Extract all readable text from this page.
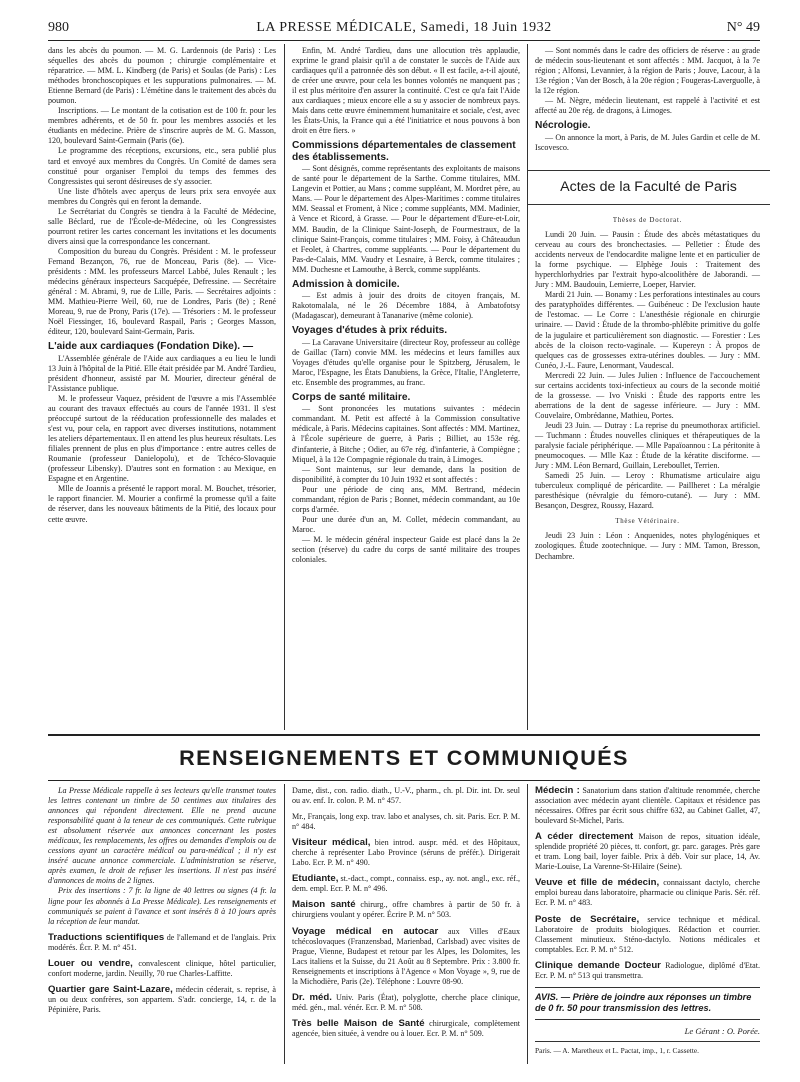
980	LA PRESSE MÉDICALE, Samedi, 18 Juin 1932	N° 49

dans les abcès du poumon. — M. G. Lardennois (de Paris) : Les séquelles des abcès du poumon ; chirurgie complémentaire et réparatrice. — MM. L. Kindberg (de Paris) et Soulas (de Paris) : Les méthodes bronchoscopiques et les suppurations pulmonaires. — M. Etienne Bernard (de Paris) : L'émétine dans le traitement des abcès du poumon.

Inscriptions. — Le montant de la cotisation est de 100 fr. pour les membres adhérents, et de 50 fr. pour les membres associés et les étudiants en médecine. Prière de s'inscrire auprès de M. G. Masson, 120, boulevard Saint-Germain (Paris (6e).

Le programme des réceptions, excursions, etc., sera publié plus tard et envoyé aux membres du Congrès. Un Comité de dames sera constitué pour organiser l'emploi du temps des femmes des Congressistes qui seront désireuses de s'y associer.

Une liste d'hôtels avec aperçus de leurs prix sera envoyée aux membres du Congrès qui en feront la demande.

Le Secrétariat du Congrès se tiendra à la Faculté de Médecine, salle Béclard, rue de l'École-de-Médecine, où les Congressistes pourront retirer les cartes concernant les invitations et les documents divers ainsi que la correspondance les concernant.

Composition du bureau du Congrès. Président : M. le professeur Fernand Bezançon, 76, rue de Monceau, Paris (8e). — Vice-présidents : MM. les professeurs Marcel Labbé, Jules Renault ; les médecins généraux inspecteurs Sacquépée, Defressine. — Secrétaire général : M. Abrami, 9, rue de Lille, Paris. — Secrétaires adjoints : MM. Mathieu-Pierre Weil, 60, rue de Londres, Paris (8e) ; René Moreau, 9, rue de Prony, Paris (17e). — Trésoriers : M. le professeur Noël Fiessinger, 16, boulevard Raspail, Paris ; Georges Masson, éditeur, 120, boulevard Saint-Germain, Paris.

L'aide aux cardiaques (Fondation Dike). —

L'Assemblée générale de l'Aide aux cardiaques a eu lieu le lundi 13 Juin à l'hôpital de la Pitié. Elle était présidée par M. André Tardieu, président d'honneur, assisté par M. Mourier, directeur général de l'Assistance publique.

M. le professeur Vaquez, président de l'œuvre a mis l'Assemblée au courant des travaux effectués au cours de l'année 1931. Il s'est préoccupé surtout de la rééducation professionnelle des malades et s'est vu, pour cela, en rapport avec diverses institutions, notamment les ateliers départementaux. Il en attend les plus heureux résultats. Les filiales prennent de plus en plus d'importance : entre autres celles de Roumanie (professeur Danielopolu), et de Tchéco-Slovaquie (professeur Libensky). D'autres sont en formation : au Mexique, en Espagne et en Argentine.

Mlle de Joannis a présenté le rapport moral. M. Bouchet, trésorier, le rapport financier. M. Mourier a confirmé la promesse qu'il a faite de réserver, dans les nouveaux bâtiments de la Pitié, des locaux pour cette œuvre.

Enfin, M. André Tardieu, dans une allocution très applaudie, exprime le grand plaisir qu'il a de constater le succès de l'Aide aux cardiaques qu'il a patronnée dès son début. « Il est facile, a-t-il ajouté, de créer une œuvre, pour cela les bonnes volontés ne manquent pas ; il est plus méritoire d'en assurer la continuité. C'est ce qu'a fait l'Aide aux cardiaques ; mieux encore elle a su y associer de nombreux pays. Mais dans cette œuvre éminemment humanitaire et sociale, c'est, avec les États-Unis, la France qui a été l'initiatrice et nous pouvons à bon droit en être fiers. »

Commissions départementales de classement des établissements.

— Sont désignés, comme représentants des exploitants de maisons de santé pour le département de la Sarthe. Comme titulaires, MM. Langevin et Pottier, au Mans ; comme suppléant, M. Mordret père, au Mans. — Pour le département des Alpes-Maritimes : comme titulaires MM. Seassal et Froment, à Nice ; comme suppléants, MM. Madinier, à Vence et Ricord, à Grasse. — Pour le département d'Eure-et-Loir, MM. Baudin, de la Clinique Saint-Joseph, de Fourmestraux, de la clinique Saint-François, comme titulaires ; MM. Foisy, à Châteaudun et Feolet, à Chartres, comme suppléants. — Pour le département du Pas-de-Calais, MM. Vaudry et Lesnaire, à Berck, comme titulaires ; MM. Duchesne et Lamouthe, à Berck, comme suppléants.

Admission à domicile.

— Est admis à jouir des droits de citoyen français, M. Rakotomalala, né le 26 Décembre 1884, à Ambatofotsy (Madagascar), demeurant à Tananarive (même colonie).

Voyages d'études à prix réduits.

— La Caravane Universitaire (directeur Roy, professeur au collège de Gaillac (Tarn) convie MM. les médecins et leurs familles aux Voyages d'études qu'elle organise pour le Spitzberg, Jérusalem, le Maroc, l'Espagne, les États Danubiens, la Grèce, l'Italie, l'Angleterre, etc. Ensemble des programmes, au franc.

Corps de santé militaire.

— Sont prononcées les mutations suivantes : médecin commandant. M. Petit est affecté à la Commission consultative médicale, à Paris. Médecins capitaines. Sont affectés : MM. Martinez, à l'École supérieure de guerre, à Paris ; Billiet, au 153e rég. d'infanterie, à Bitche ; Odier, au 67e rég. d'infanterie, à Compiègne ; Miquel, à la 12e Compagnie régionale du train, à Limoges.

— Sont maintenus, sur leur demande, dans la position de disponibilité, à compter du 10 Juin 1932 et sont affectés :

Pour une période de cinq ans, MM. Bertrand, médecin commandant, région de Paris ; Bonnet, médecin commandant, au 10e corps d'armée.

Pour une durée d'un an, M. Collet, médecin commandant, au Maroc.

— M. le médecin général inspecteur Gaide est placé dans la 2e section (réserve) du cadre du corps de santé militaire des troupes coloniales.

— Sont nommés dans le cadre des officiers de réserve : au grade de médecin sous-lieutenant et sont affectés : MM. Jacquot, à la 7e région ; Alfonsi, Levannier, à la région de Paris ; Jouve, Lacour, à la 13e région ; Van der Bosch, à la 20e région ; Fougeras-Laverguolle, à la 12e région.

— M. Nègre, médecin lieutenant, est rappelé à l'activité et est affecté au 20e rég. de dragons, à Limoges.

Nécrologie.

— On annonce la mort, à Paris, de M. Jules Gardin et celle de M. Iscovesco.

Actes de la Faculté de Paris
Thèses de Doctorat.

Lundi 20 Juin. — Pausin : Étude des abcès métastatiques du cerveau au cours des bronchectasies. — Pelletier : Étude des accidents nerveux de l'endocardite maligne lente et en particulier de la forme psychique. — Elphège Jouis : Traitement des hyperchlorhydries par l'extrait hypo-alcoolithère de Jaborandi. — Jury : MM. Baudouin, Lemierre, Loeper, Harvier.

Mardi 21 Juin. — Bonamy : Les perforations intestinales au cours des paratyphoïdes différentes. — Guibéneuc : De l'exclusion haute de l'estomac. — Le Corre : L'anesthésie régionale en chirurgie urinaire. — David : Étude de la thrombo-phlébite primitive du golfe de la jugulaire et particulièrement son diagnostic. — Forestier : Les abcès de la cloison recto-vaginale. — Kupereyn : À propos de quelques cas de grossesses extra-utérines doubles. — Jury : MM. Cunéo, J.-L. Faure, Lenormant, Vaudescal.

Mercredi 22 Juin. — Jules Julien : Influence de l'accouchement sur certains accidents toxi-infectieux au cours de la seconde moitié de la grossesse. — Ivo Vniski : Étude des rapports entre les aberrations de la dent de sagesse inférieure. — Jury : MM. Couvelaire, Ombrédanne, Mathieu, Portes.

Jeudi 23 Juin. — Dutray : La reprise du pneumothorax artificiel. — Tuchmann : Études nouvelles cliniques et thérapeutiques de la paralysie faciale périphérique. — Mlle Papaïoannou : La péritonite à pneumocoques. — Mlle Kaz : Étude de la kératite disciforme. — Jury : MM. Léon Bernard, Guillain, Lereboullet, Terrien.

Samedi 25 Juin. — Leroy : Rhumatisme articulaire aigu tuberculeux compliqué de péricardite. — Paillheret : La méralgie paresthésique (névralgie du fémoro-cutané). — Jury : MM. Besançon, Desgrez, Roussy, Hazard.

Thèse Vétérinaire.

Jeudi 23 Juin : Léon : Anquenides, notes phylogéniques et zoologiques. Étude zootechnique. — Jury : MM. Tamon, Bresson, Dechambre.

RENSEIGNEMENTS ET COMMUNIQUÉS

La Presse Médicale rappelle à ses lecteurs qu'elle transmet toutes les lettres contenant un timbre de 50 centimes aux titulaires des annonces qui répondent directement. Elle ne prend aucune responsabilité quant à la teneur de ces communiqués. Cette rubrique est absolument réservée aux annonces concernant les postes médicaux, les remplacements, les offres ou demandes d'emplois ou de cessions ayant un caractère médical ou para-médical ; il n'y est inséré aucune annonce commerciale. L'administration se réserve, après examen, le droit de refuser les insertions. Il n'est pas inséré d'annonces de moins de 2 lignes.

Prix des insertions : 7 fr. la ligne de 40 lettres ou signes (4 fr. la ligne pour les abonnés à La Presse Médicale). Les renseignements et communiqués se paient à l'avance et sont insérés 8 à 10 jours après la réception de leur mandat.

Traductions scientifiques de l'allemand et de l'anglais. Prix modérés. Écr. P. M. n° 451.

Louer ou vendre, convalescent clinique, hôtel particulier, confort moderne, jardin. Neuilly, 70 rue Charles-Laffitte.

Quartier gare Saint-Lazare, médecin céderait, s. reprise, à un ou deux confrères, son appartem. S'adr. concierge, 14, r. de la Pépinière, Paris.

Dame, dist., con. radio. diath., U.-V., pharm., ch. pl. Dir. int. Dr. seul ou av. enf. Ir. colon. P. M. n° 457.

Mr., Français, long exp. trav. labo et analyses, ch. sit. Paris. Ecr. P. M. n° 484.

Visiteur médical, bien introd. auspr. méd. et des Hôpitaux, cherche à représenter Labo Province (séruns de préfér.). Dirigerait Labo. Ecr. P. M. n° 490.

Etudiante, st.-dact., compt., connaiss. esp., ay. not. angl., exc. réf., dem. empl. Ecr. P. M. n° 496.

Maison santé chirurg., offre chambres à partir de 50 fr. à chirurgiens voulant y opérer. Écrire P. M. n° 503.

Voyage médical en autocar aux Villes d'Eaux tchécoslovaques (Franzensbad, Marienbad, Carlsbad) avec visites de Prague, Vienne, Budapest et retour par les Alpes, les Dolomites, les Lacs italiens et la Suisse, du 21 Août au 8 Septembre. Prix : 3.800 fr. Renseignements et inscriptions à l'Agence « Mon Voyage », 9, rue de la Michodière, Paris (2e). Téléphone : Louvre 08-90.

Dr. méd. Univ. Paris (État), polyglotte, cherche place clinique, méd. gén., mal. vénér. Ecr. P. M. n° 508.

Très belle Maison de Santé chirurgicale, complètement agencée, bien située, à vendre ou à louer. Ecr. P. M. n° 509.

Médecin : Sanatorium dans station d'altitude renommée, cherche association avec médecin ayant clientèle. Capitaux et résidence pas nécessaires. Offres par écrit sous chiffre 632, au Cabinet Gallet, 47, boulevard St-Michel, Paris.

A céder directement Maison de repos, situation idéale, splendide propriété 20 pièces, tt. confort, gr. parc. garages. Près gare et tram. Long bail, loyer faible. Prix à déb. Voir sur place, 14, Av. Marie-Louise, La Varenne-St-Hilaire (Seine).

Veuve et fille de médecin, connaissant dactylo, cherche emploi bureau dans laboratoire, pharmacie ou clinique Paris. Sér. réf. Ecr. P. M. n° 483.

Poste de Secrétaire, service technique et médical. Laboratoire de produits biologiques. Rédaction et courrier. Classement minutieux. Sténo-dactylo. Notions médicales et comptables. Ecr. P. M. n° 512.

Clinique demande Docteur Radiologue, diplômé d'Etat. Ecr. P. M. n° 513 qui transmettra.

AVIS. — Prière de joindre aux réponses un timbre de 0 fr. 50 pour transmission des lettres.

Le Gérant : O. Porée.

Paris. — A. Maretheux et L. Pactat, imp., 1, r. Cassette.
